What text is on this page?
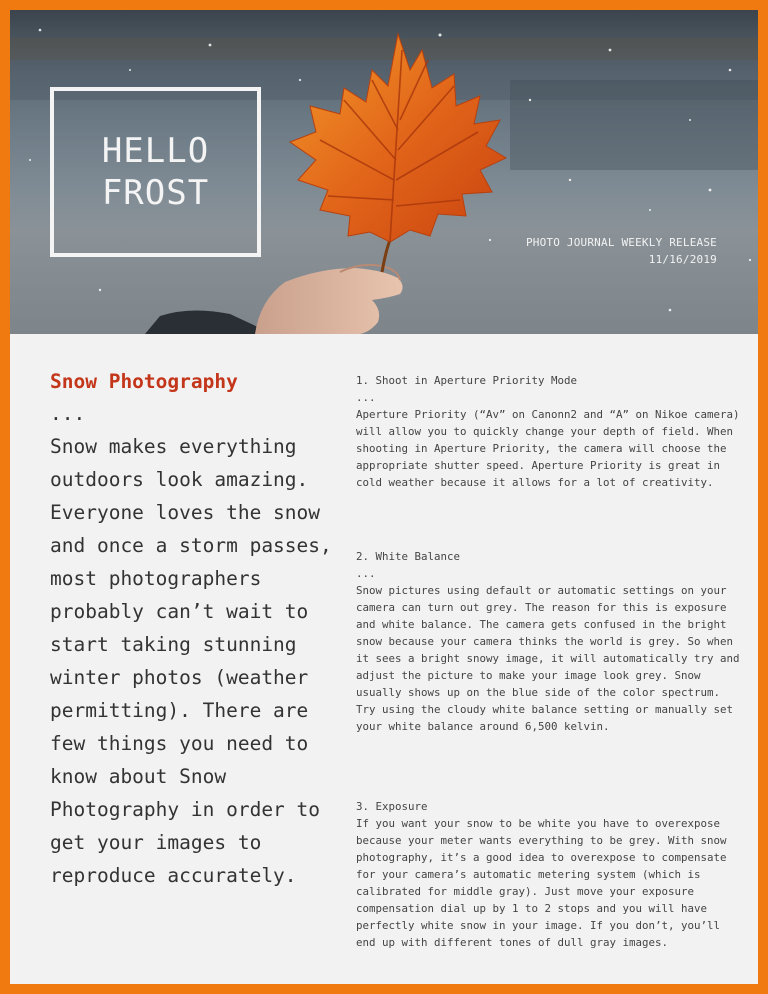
HELLO
FROST
PHOTO JOURNAL WEEKLY RELEASE
11/16/2019
Snow Photography
...

Snow makes everything outdoors look amazing. Everyone loves the snow and once a storm passes, most photographers probably can’t wait to start taking stunning winter photos (weather permitting). There are few things you need to know about Snow Photography in order to get your images to reproduce accurately.

1. Shoot in Aperture Priority Mode

...

Aperture Priority (“Av” on Canonn2 and “A” on Nikoe camera) will allow you to quickly change your depth of field. When shooting in Aperture Priority, the camera will choose the appropriate shutter speed. Aperture Priority is great in cold weather because it allows for a lot of creativity.

2. White Balance

...

Snow pictures using default or automatic settings on your camera can turn out grey. The reason for this is exposure and white balance. The camera gets confused in the bright snow because your camera thinks the world is grey. So when it sees a bright snowy image, it will automatically try and adjust the picture to make your image look grey. Snow usually shows up on the blue side of the color spectrum. Try using the cloudy white balance setting or manually set your white balance around 6,500 kelvin.

3. Exposure

If you want your snow to be white you have to overexpose because your meter wants everything to be grey. With snow photography, it’s a good idea to overexpose to compensate for your camera’s automatic metering system (which is calibrated for middle gray). Just move your exposure compensation dial up by 1 to 2 stops and you will have perfectly white snow in your image. If you don’t, you’ll end up with different tones of dull gray images.
